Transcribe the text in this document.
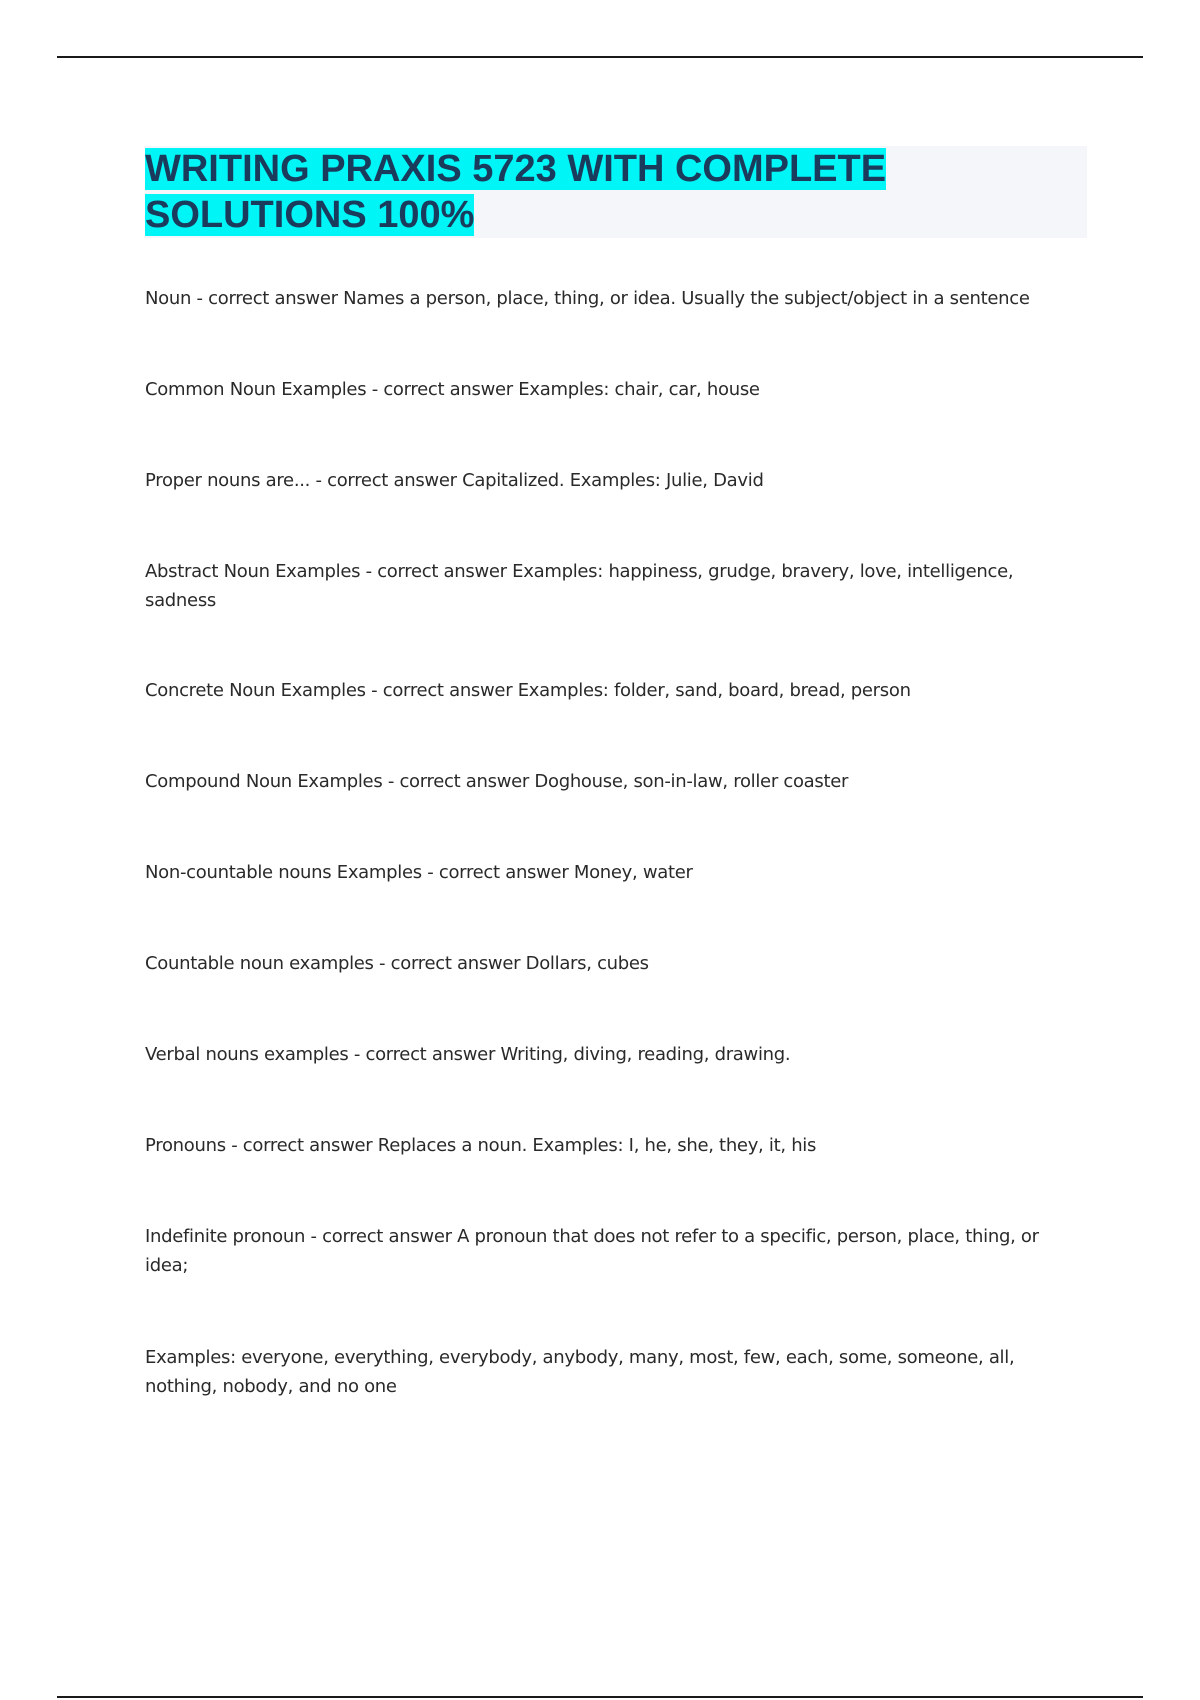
WRITING PRAXIS 5723 WITH COMPLETE SOLUTIONS 100%
Noun - correct answer Names a person, place, thing, or idea. Usually the subject/object in a sentence
Common Noun Examples - correct answer Examples: chair, car, house
Proper nouns are... - correct answer Capitalized. Examples: Julie, David
Abstract Noun Examples - correct answer Examples: happiness, grudge, bravery, love, intelligence, sadness
Concrete Noun Examples - correct answer Examples: folder, sand, board, bread, person
Compound Noun Examples - correct answer Doghouse, son-in-law, roller coaster
Non-countable nouns Examples - correct answer Money, water
Countable noun examples - correct answer Dollars, cubes
Verbal nouns examples - correct answer Writing, diving, reading, drawing.
Pronouns - correct answer Replaces a noun. Examples: I, he, she, they, it, his
Indefinite pronoun - correct answer A pronoun that does not refer to a specific, person, place, thing, or idea;
Examples: everyone, everything, everybody, anybody, many, most, few, each, some, someone, all, nothing, nobody, and no one
